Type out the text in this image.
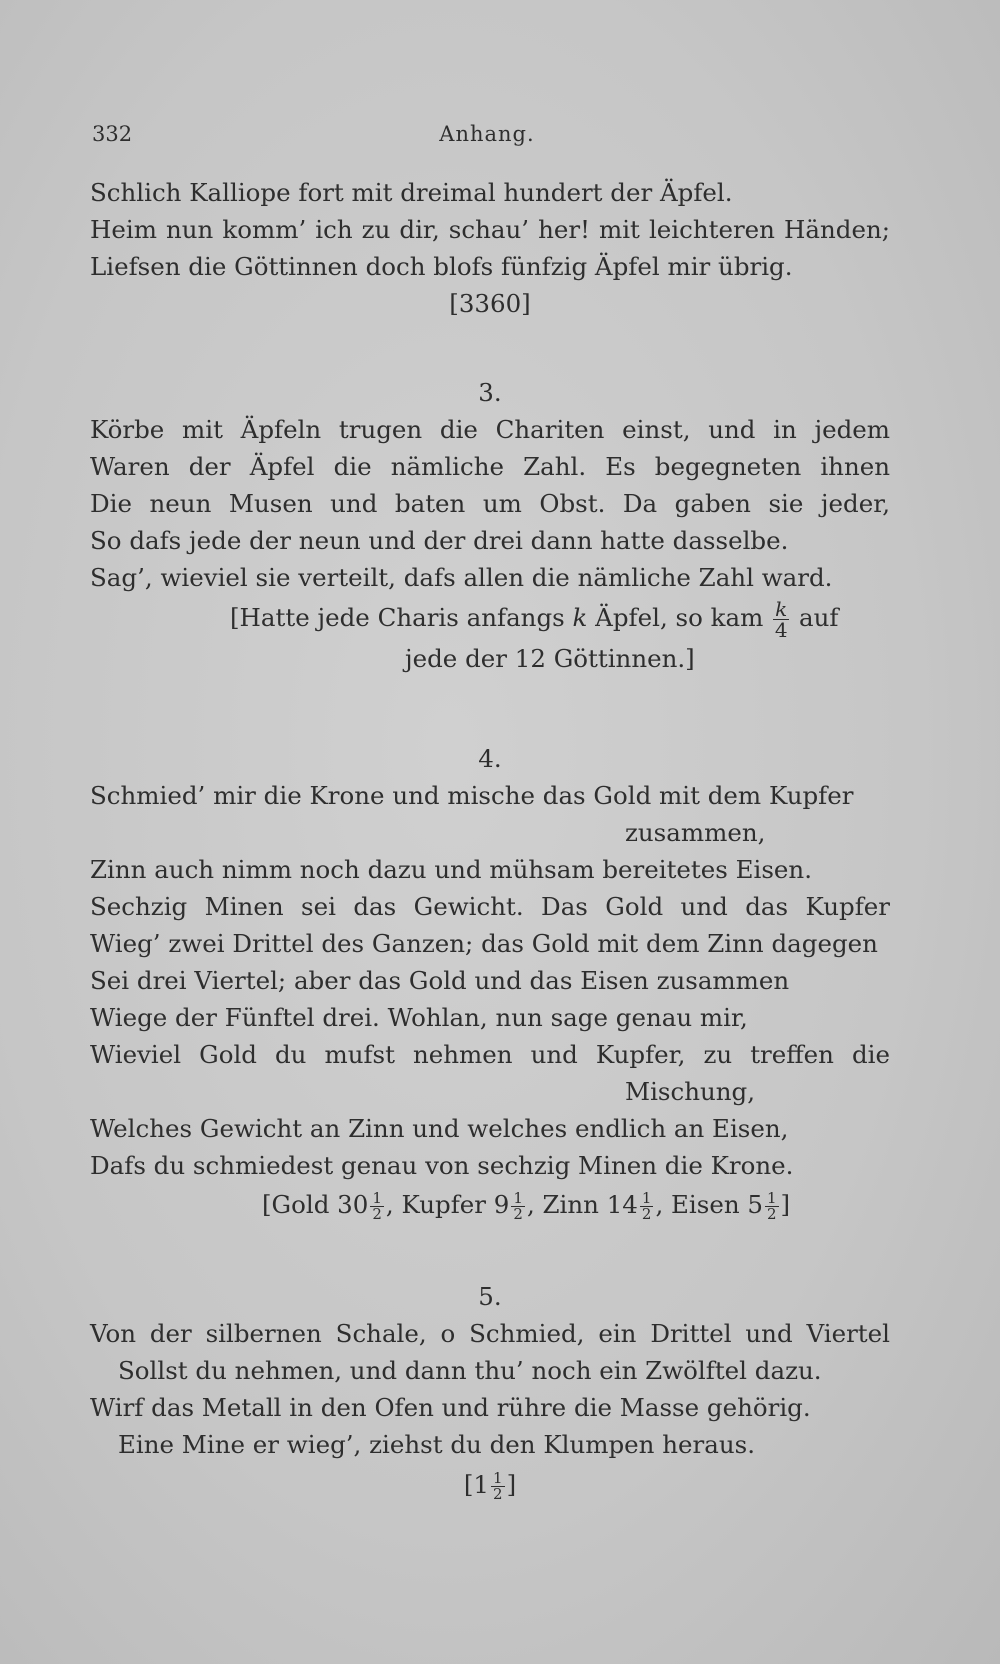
332	Anhang.
Schlich Kalliope fort mit dreimal hundert der Äpfel.
Heim nun komm’ ich zu dir, schau’ her! mit leichteren Händen;
Liefsen die Göttinnen doch blofs fünfzig Äpfel mir übrig.
[3360]
3.
Körbe mit Äpfeln trugen die Chariten einst, und in jedem
Waren der Äpfel die nämliche Zahl. Es begegneten ihnen
Die neun Musen und baten um Obst. Da gaben sie jeder,
So dafs jede der neun und der drei dann hatte dasselbe.
Sag’, wieviel sie verteilt, dafs allen die nämliche Zahl ward.
[Hatte jede Charis anfangs k Äpfel, so kam $\frac{k}{4}$ auf
jede der 12 Göttinnen.]
4.
Schmied’ mir die Krone und mische das Gold mit dem Kupfer
zusammen,
Zinn auch nimm noch dazu und mühsam bereitetes Eisen.
Sechzig Minen sei das Gewicht. Das Gold und das Kupfer
Wieg’ zwei Drittel des Ganzen; das Gold mit dem Zinn dagegen
Sei drei Viertel; aber das Gold und das Eisen zusammen
Wiege der Fünftel drei. Wohlan, nun sage genau mir,
Wieviel Gold du mufst nehmen und Kupfer, zu treffen die
Mischung,
Welches Gewicht an Zinn und welches endlich an Eisen,
Dafs du schmiedest genau von sechzig Minen die Krone.
[Gold $30 \frac{1}{2}$ , Kupfer $9 \frac{1}{2}$ , Zinn $14 \frac{1}{2}$ , Eisen $5 \frac{1}{2}$ ]
5.
Von der silbernen Schale, o Schmied, ein Drittel und Viertel
Sollst du nehmen, und dann thu’ noch ein Zwölftel dazu.
Wirf das Metall in den Ofen und rühre die Masse gehörig.
Eine Mine er wieg’, ziehst du den Klumpen heraus.
[$1 \frac{1}{2}$ ]
